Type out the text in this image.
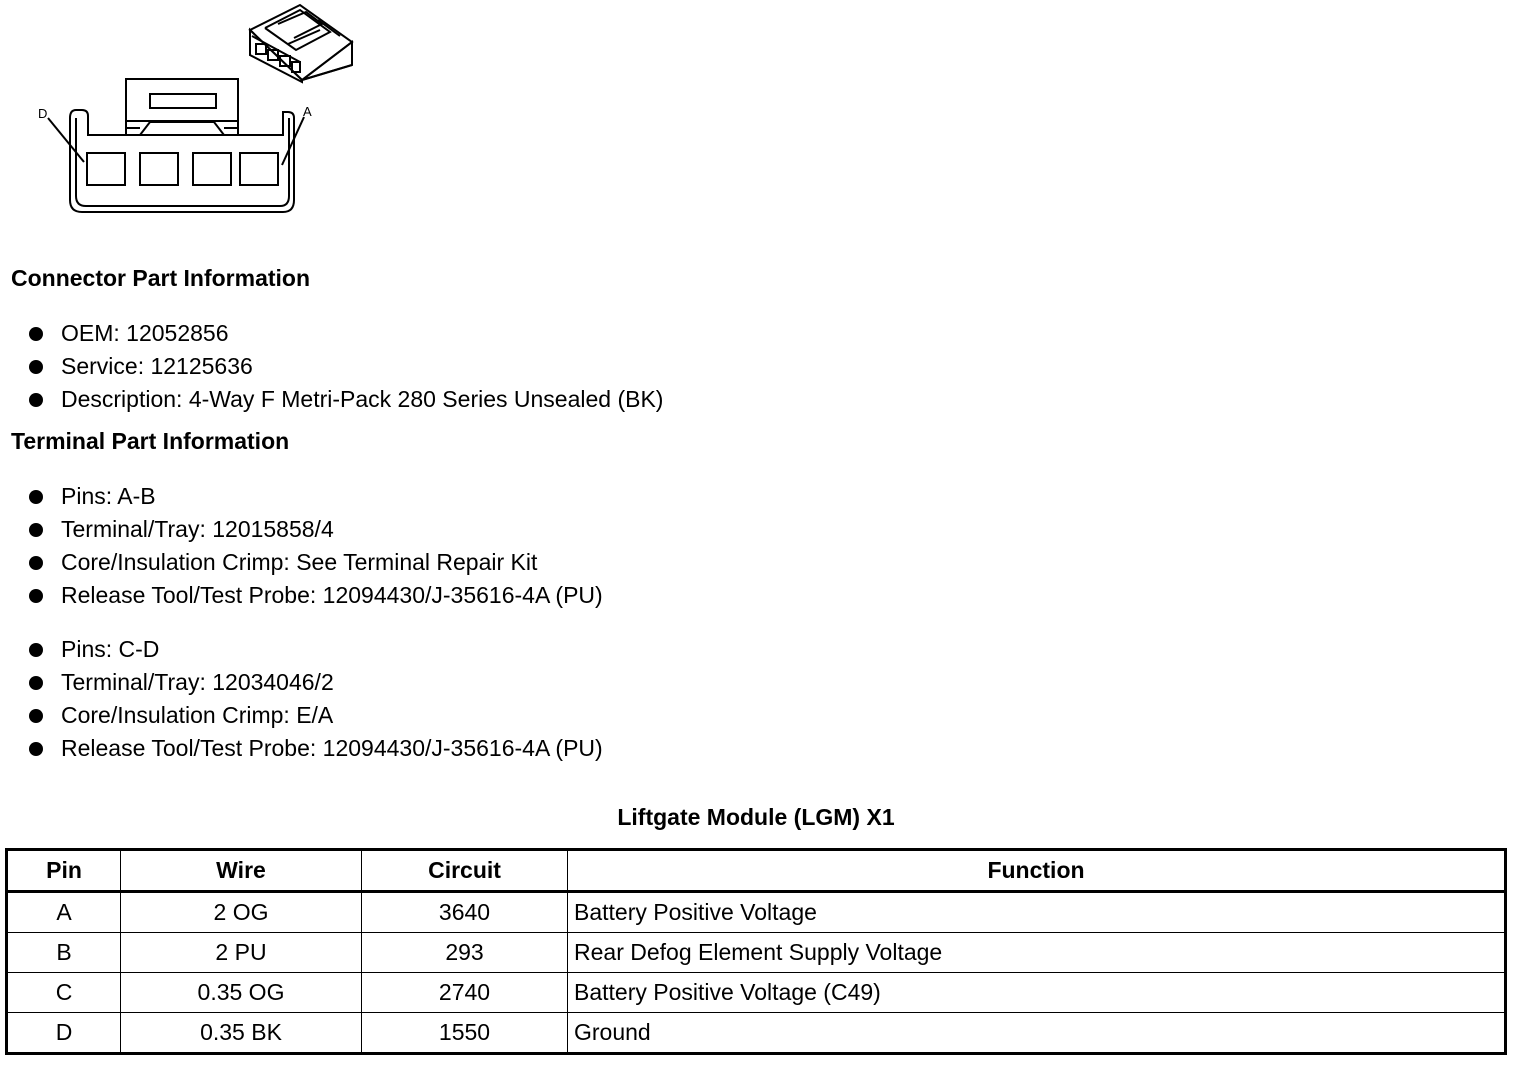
D	A
Connector Part Information
OEM: 12052856
Service: 12125636
Description: 4-Way F Metri-Pack 280 Series Unsealed (BK)
Terminal Part Information
Pins: A-B
Terminal/Tray: 12015858/4
Core/Insulation Crimp: See Terminal Repair Kit
Release Tool/Test Probe: 12094430/J-35616-4A (PU)
Pins: C-D
Terminal/Tray: 12034046/2
Core/Insulation Crimp: E/A
Release Tool/Test Probe: 12094430/J-35616-4A (PU)
Liftgate Module (LGM) X1
Pin	Wire	Circuit	Function
A	2 OG	3640	Battery Positive Voltage
B	2 PU	293	Rear Defog Element Supply Voltage
C	0.35 OG	2740	Battery Positive Voltage (C49)
D	0.35 BK	1550	Ground
